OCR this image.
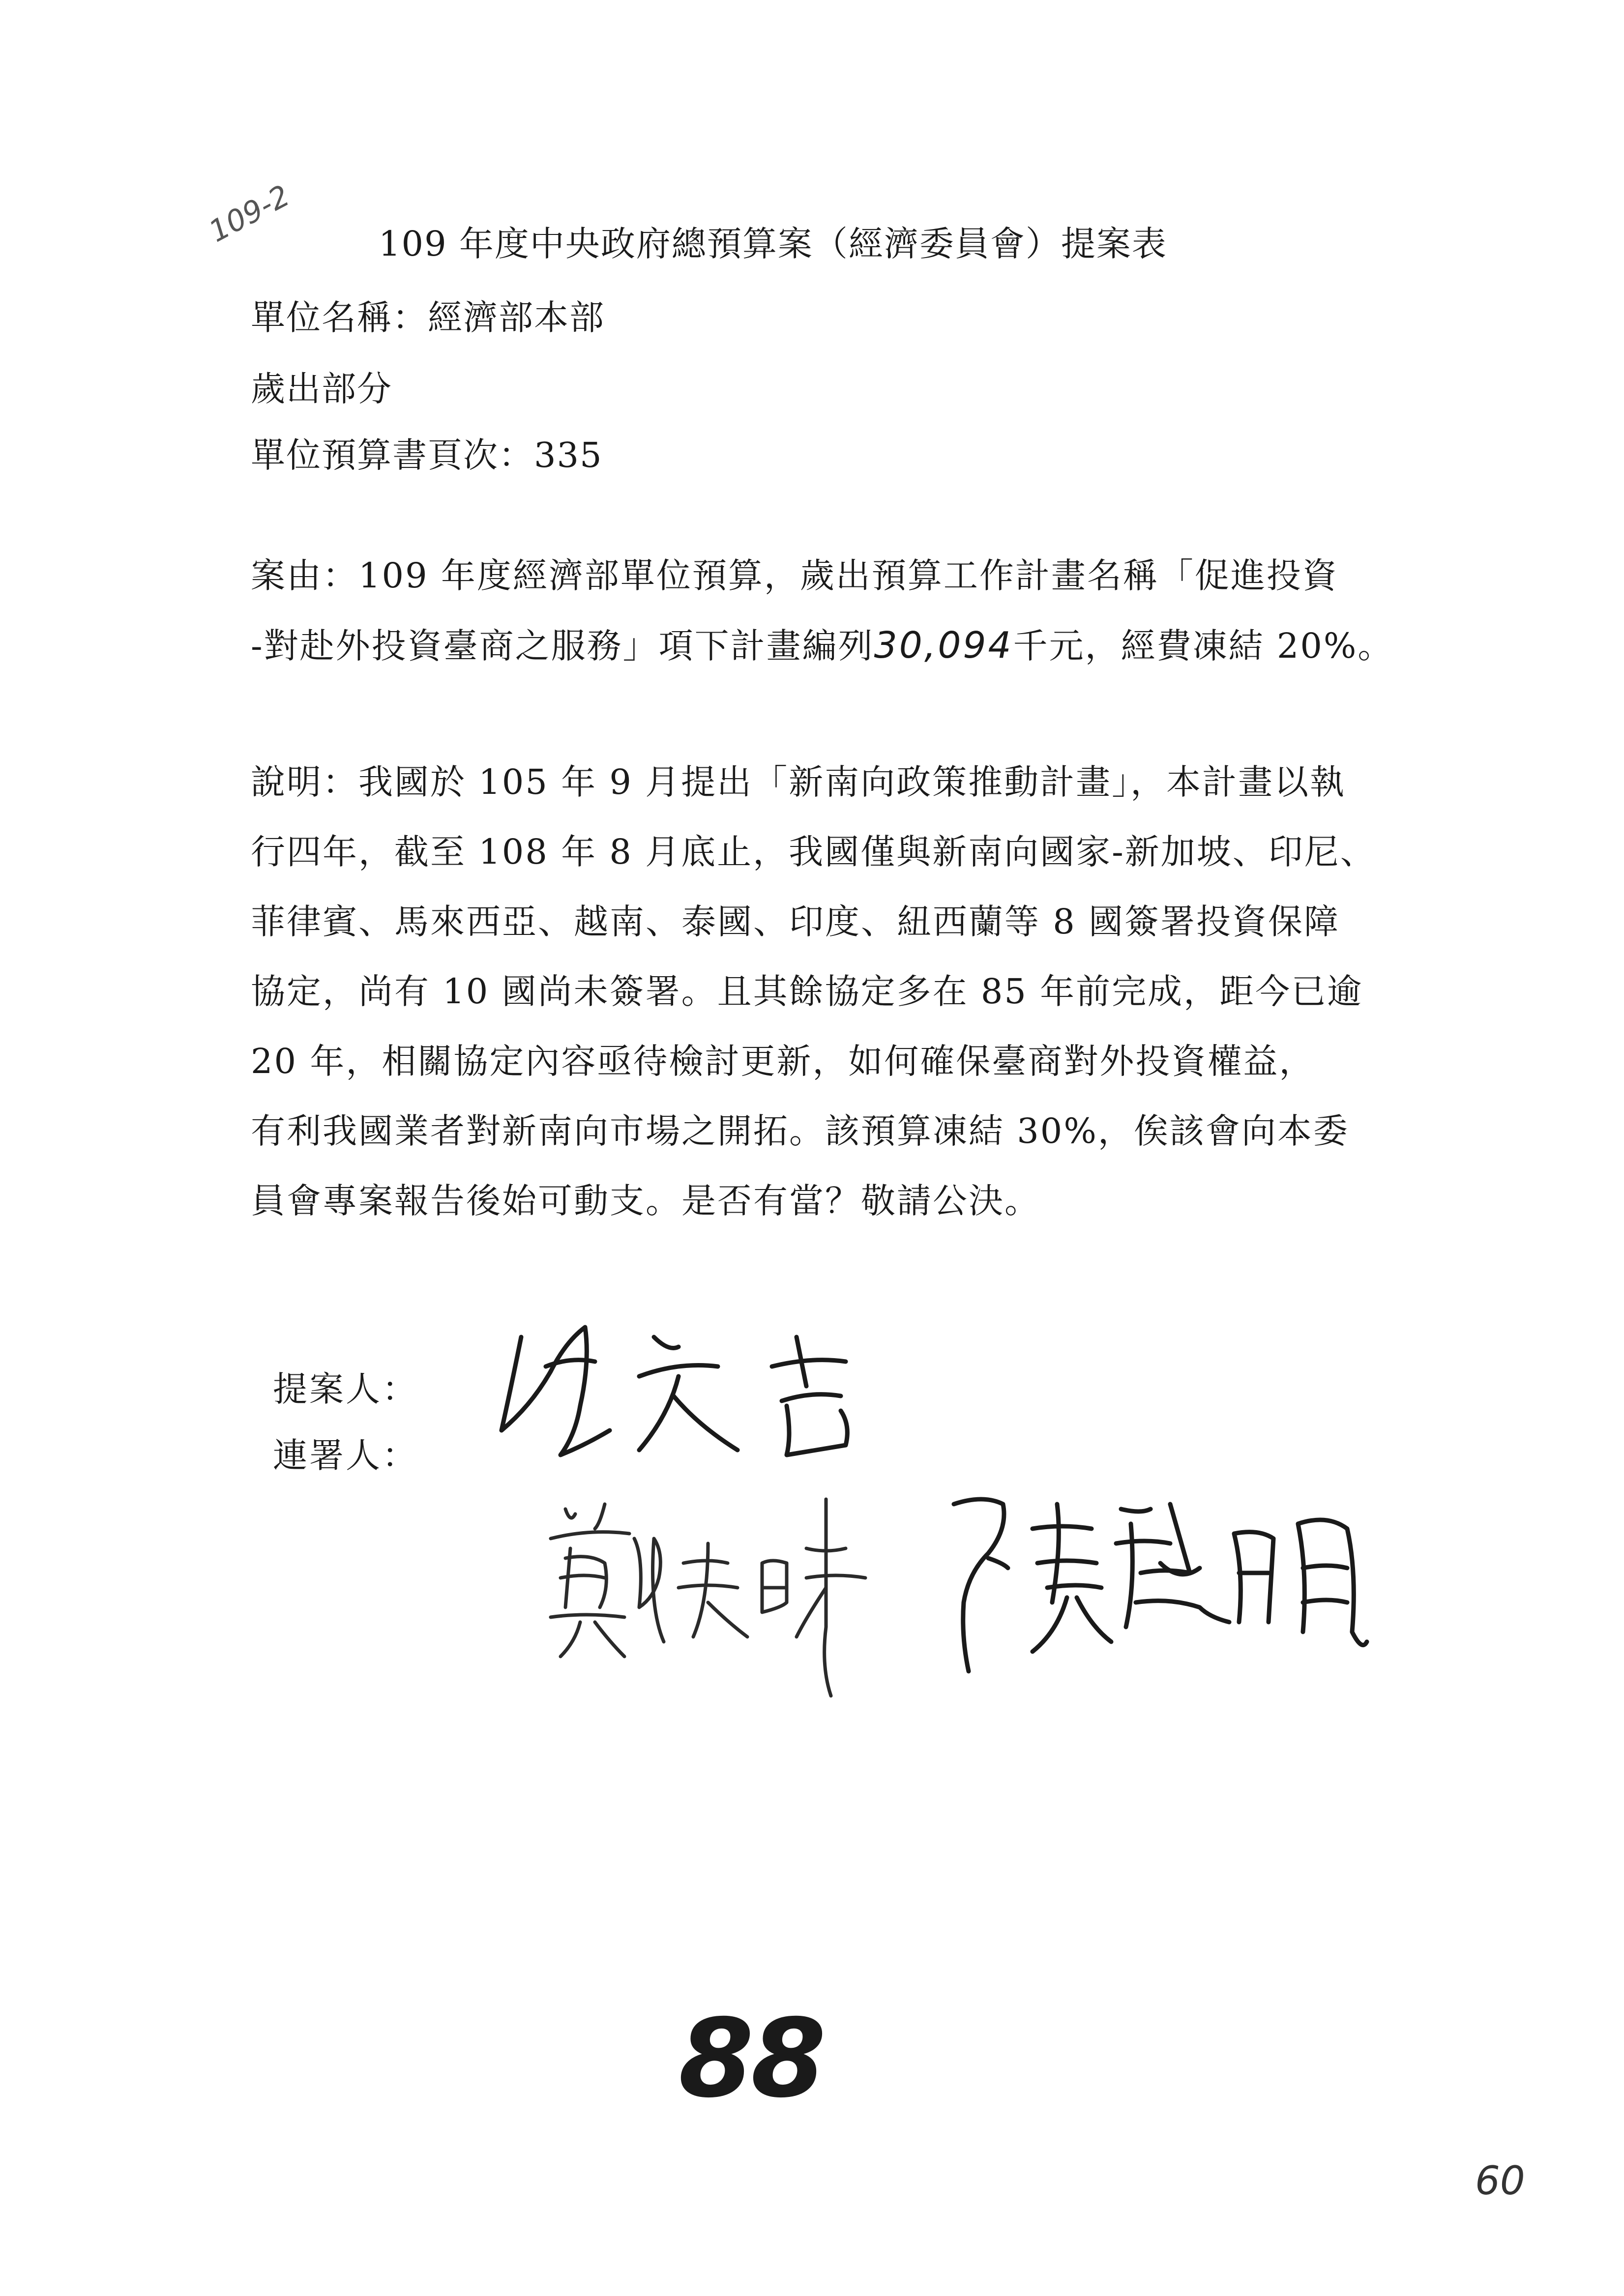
109-2 109 年度中央政府總預算案（經濟委員會）提案表
單位名稱：經濟部本部
歲出部分
單位預算書頁次：335
案由：109 年度經濟部單位預算，歲出預算工作計畫名稱「促進投資
-對赴外投資臺商之服務」項下計畫編列30,094千元，經費凍結 20%。
說明：我國於 105 年 9 月提出「新南向政策推動計畫」，本計畫以執
行四年，截至 108 年 8 月底止，我國僅與新南向國家-新加坡、印尼、
菲律賓、馬來西亞、越南、泰國、印度、紐西蘭等 8 國簽署投資保障
協定，尚有 10 國尚未簽署。且其餘協定多在 85 年前完成，距今已逾
20 年，相關協定內容亟待檢討更新，如何確保臺商對外投資權益，
有利我國業者對新南向市場之開拓。該預算凍結 30%，俟該會向本委
員會專案報告後始可動支。是否有當？敬請公決。
提案人：
連署人：
88
60
